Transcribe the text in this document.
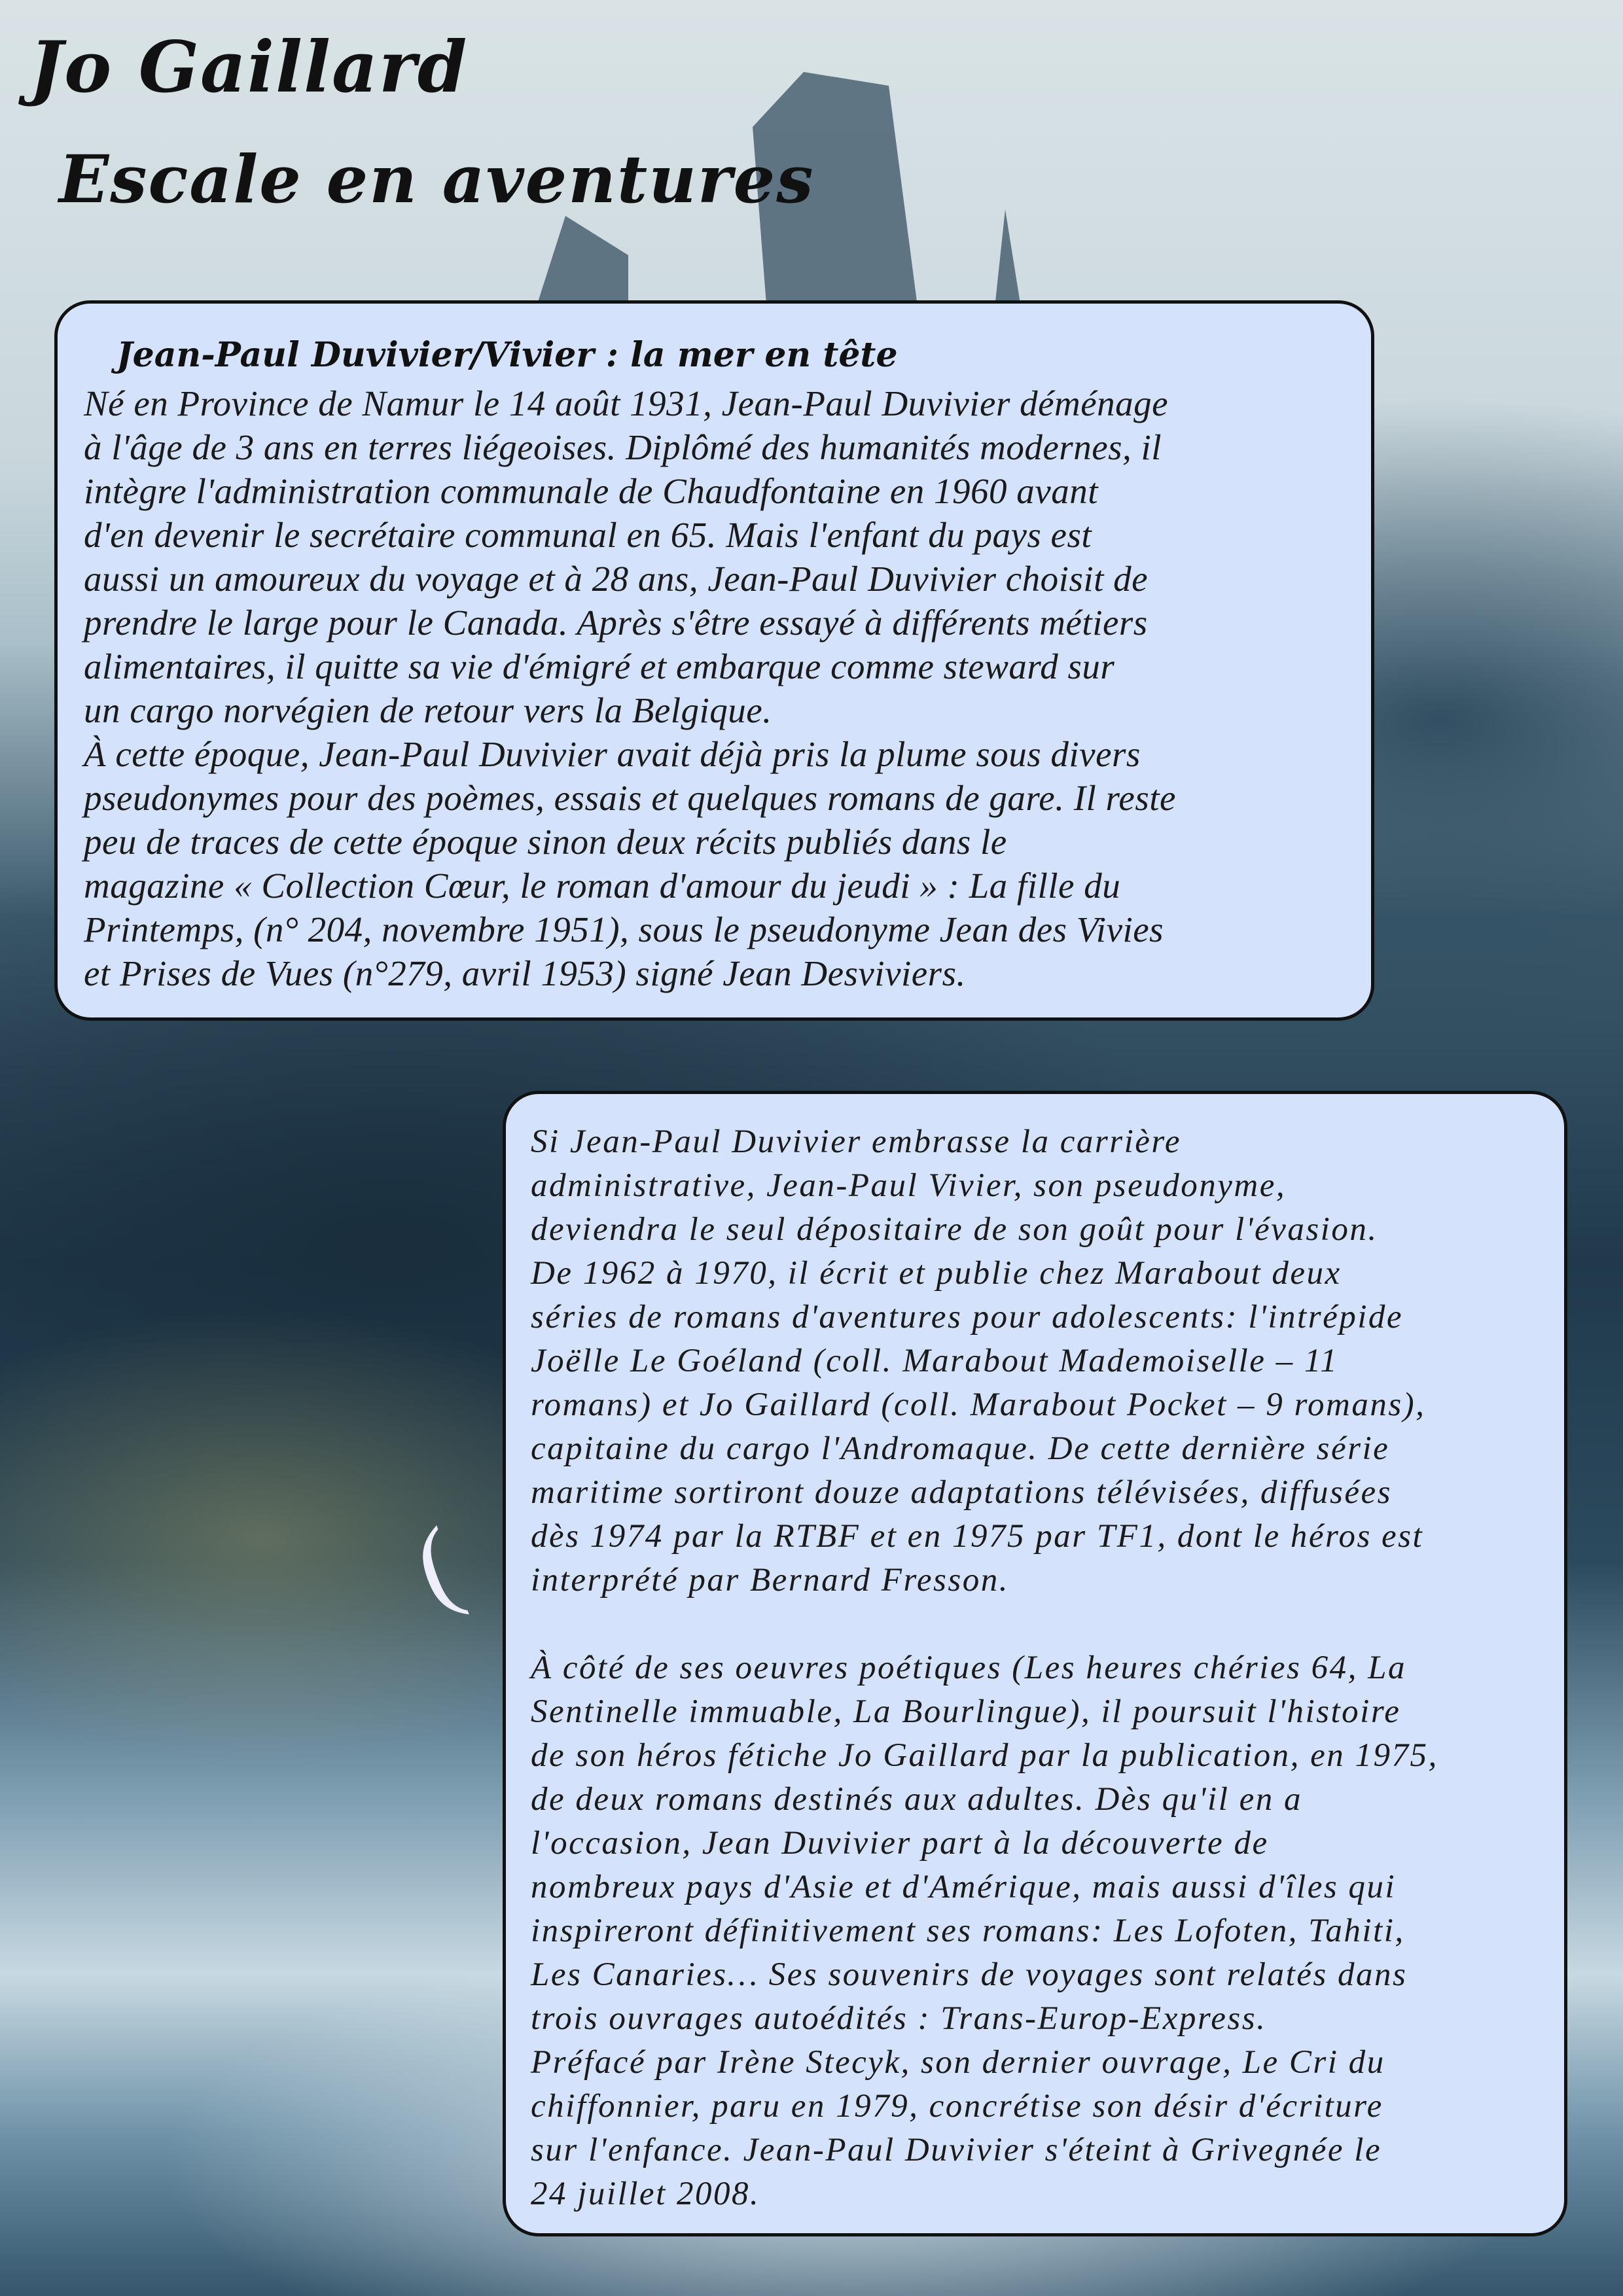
(
Jo Gaillard
Escale en aventures
Jean-Paul Duvivier/Vivier : la mer en tête
Né en Province de Namur le 14 août 1931, Jean-Paul Duvivier déménage
à l'âge de 3 ans en terres liégeoises. Diplômé des humanités modernes, il
intègre l'administration communale de Chaudfontaine en 1960 avant
d'en devenir le secrétaire communal en 65. Mais l'enfant du pays est
aussi un amoureux du voyage et à 28 ans, Jean-Paul Duvivier choisit de
prendre le large pour le Canada. Après s'être essayé à différents métiers
alimentaires, il quitte sa vie d'émigré et embarque comme steward sur
un cargo norvégien de retour vers la Belgique.
À cette époque, Jean-Paul Duvivier avait déjà pris la plume sous divers
pseudonymes pour des poèmes, essais et quelques romans de gare. Il reste
peu de traces de cette époque sinon deux récits publiés dans le
magazine « Collection Cœur, le roman d'amour du jeudi » : La fille du
Printemps, (n° 204, novembre 1951), sous le pseudonyme Jean des Vivies
et Prises de Vues (n°279, avril 1953) signé Jean Desviviers.
Si Jean-Paul Duvivier embrasse la carrière
administrative, Jean-Paul Vivier, son pseudonyme,
deviendra le seul dépositaire de son goût pour l'évasion.
De 1962 à 1970, il écrit et publie chez Marabout deux
séries de romans d'aventures pour adolescents: l'intrépide
Joëlle Le Goéland (coll. Marabout Mademoiselle – 11
romans) et Jo Gaillard (coll. Marabout Pocket – 9 romans),
capitaine du cargo l'Andromaque. De cette dernière série
maritime sortiront douze adaptations télévisées, diffusées
dès 1974 par la RTBF et en 1975 par TF1, dont le héros est
interprété par Bernard Fresson.
À côté de ses oeuvres poétiques (Les heures chéries 64, La
Sentinelle immuable, La Bourlingue), il poursuit l'histoire
de son héros fétiche Jo Gaillard par la publication, en 1975,
de deux romans destinés aux adultes. Dès qu'il en a
l'occasion, Jean Duvivier part à la découverte de
nombreux pays d'Asie et d'Amérique, mais aussi d'îles qui
inspireront définitivement ses romans: Les Lofoten, Tahiti,
Les Canaries… Ses souvenirs de voyages sont relatés dans
trois ouvrages autoédités : Trans-Europ-Express.
Préfacé par Irène Stecyk, son dernier ouvrage, Le Cri du
chiffonnier, paru en 1979, concrétise son désir d'écriture
sur l'enfance. Jean-Paul Duvivier s'éteint à Grivegnée le
24 juillet 2008.
